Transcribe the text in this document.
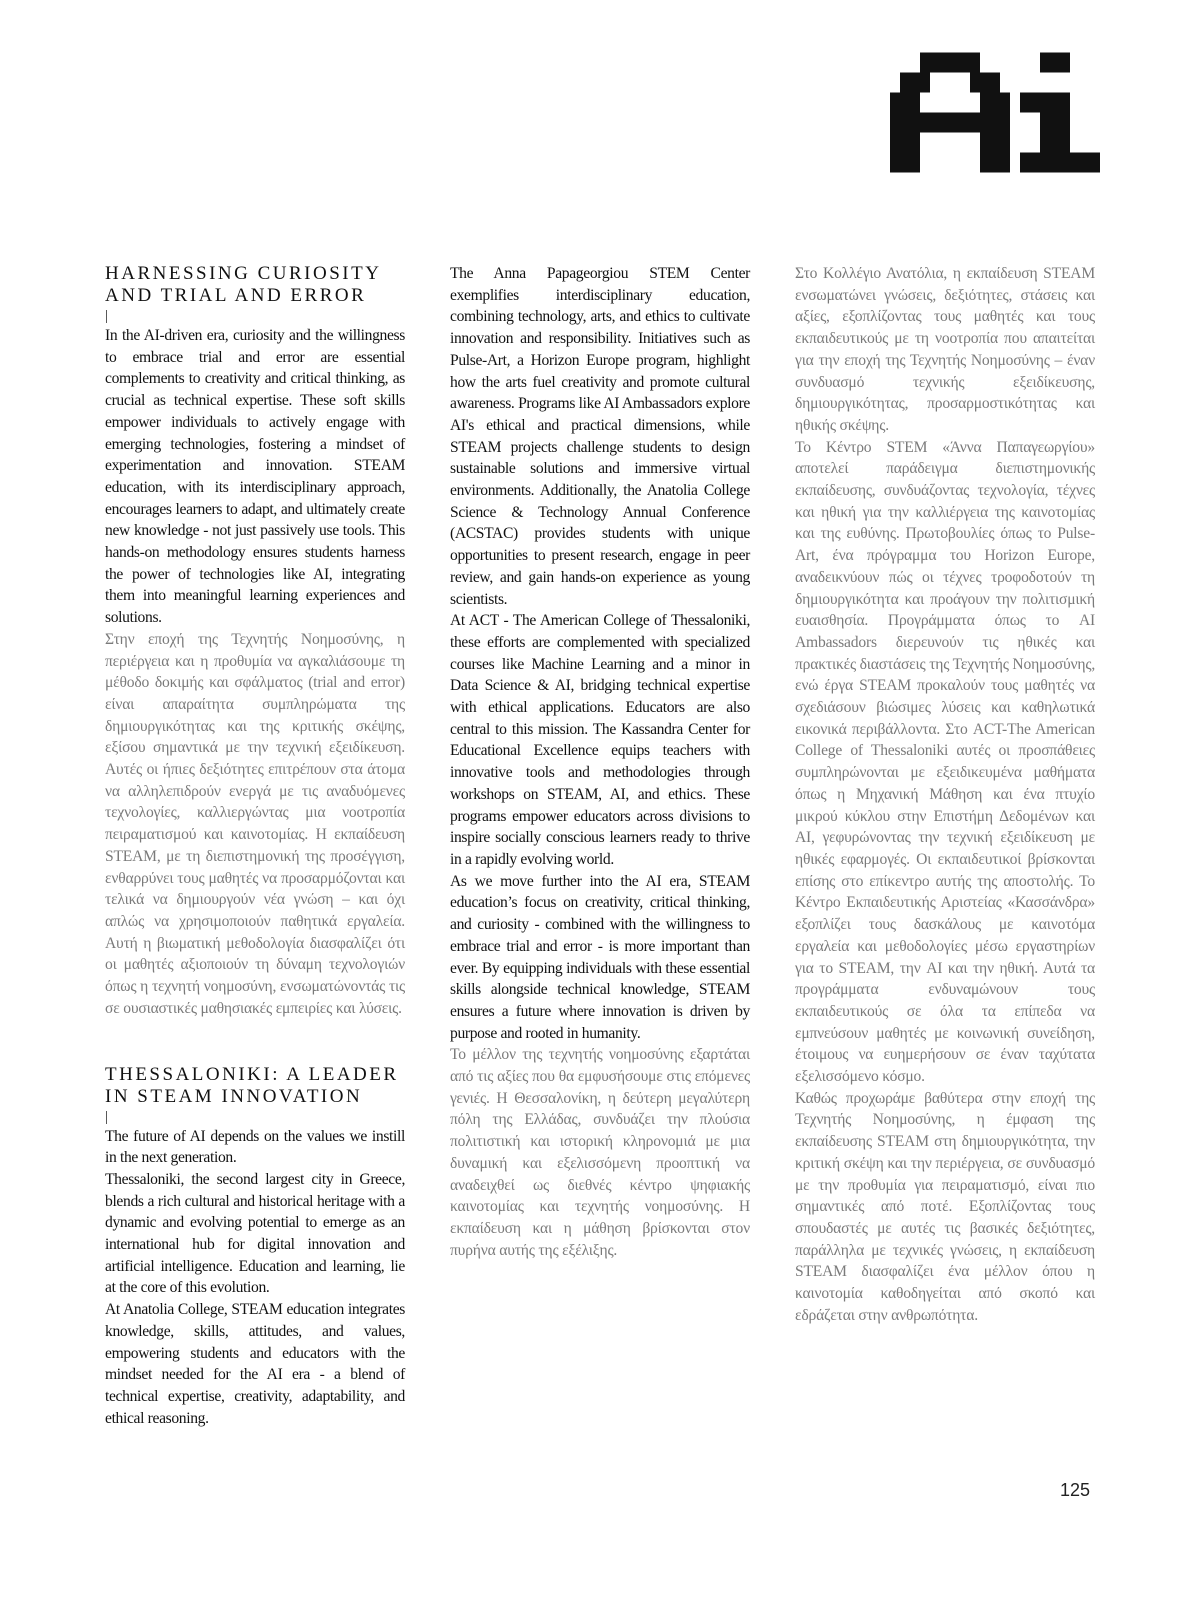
HARNESSING CURIOSITY
AND TRIAL AND ERROR
|

In the AI-driven era, curiosity and the willingness to embrace trial and error are essential complements to creativity and critical thinking, as crucial as technical expertise. These soft skills empower individuals to actively engage with emerging technologies, fostering a mindset of experimentation and innovation. STEAM education, with its interdisciplinary approach, encourages learners to adapt, and ultimately create new knowledge - not just passively use tools. This hands-on methodology ensures students harness the power of technologies like AI, integrating them into meaningful learning experiences and solutions.

Στην εποχή της Τεχνητής Νοημοσύνης, η περιέργεια και η προθυμία να αγκαλιάσουμε τη μέθοδο δοκιμής και σφάλματος (trial and error) είναι απαραίτητα συμπληρώματα της δημιουργικότητας και της κριτικής σκέψης, εξίσου σημαντικά με την τεχνική εξειδίκευση. Αυτές οι ήπιες δεξιότητες επιτρέπουν στα άτομα να αλληλεπιδρούν ενεργά με τις αναδυόμενες τεχνολογίες, καλλιεργώντας μια νοοτροπία πειραματισμού και καινοτομίας. Η εκπαίδευση STEAM, με τη διεπιστημονική της προσέγγιση, ενθαρρύνει τους μαθητές να προσαρμόζονται και τελικά να δημιουργούν νέα γνώση – και όχι απλώς να χρησιμοποιούν παθητικά εργαλεία. Αυτή η βιωματική μεθοδολογία διασφαλίζει ότι οι μαθητές αξιοποιούν τη δύναμη τεχνολογιών όπως η τεχνητή νοημοσύνη, ενσωματώνοντάς τις σε ουσιαστικές μαθησιακές εμπειρίες και λύσεις.

THESSALONIKI: A LEADER
IN STEAM INNOVATION
|

The future of AI depends on the values we instill in the next generation.

Thessaloniki, the second largest city in Greece, blends a rich cultural and historical heritage with a dynamic and evolving potential to emerge as an international hub for digital innovation and artificial intelligence. Education and learning, lie at the core of this evolution.

At Anatolia College, STEAM education integrates knowledge, skills, attitudes, and values, empowering students and educators with the mindset needed for the AI era - a blend of technical expertise, creativity, adaptability, and ethical reasoning.

The Anna Papageorgiou STEM Center exemplifies interdisciplinary education, combining technology, arts, and ethics to cultivate innovation and responsibility. Initiatives such as Pulse-Art, a Horizon Europe program, highlight how the arts fuel creativity and promote cultural awareness. Programs like AI Ambassadors explore AI's ethical and practical dimensions, while STEAM projects challenge students to design sustainable solutions and immersive virtual environments. Additionally, the Anatolia College Science & Technology Annual Conference (ACSTAC) provides students with unique opportunities to present research, engage in peer review, and gain hands-on experience as young scientists.

At ACT - The American College of Thessaloniki, these efforts are complemented with specialized courses like Machine Learning and a minor in Data Science & AI, bridging technical expertise with ethical applications. Educators are also central to this mission. The Kassandra Center for Educational Excellence equips teachers with innovative tools and methodologies through workshops on STEAM, AI, and ethics. These programs empower educators across divisions to inspire socially conscious learners ready to thrive in a rapidly evolving world.

As we move further into the AI era, STEAM education’s focus on creativity, critical thinking, and curiosity - combined with the willingness to embrace trial and error - is more important than ever. By equipping individuals with these essential skills alongside technical knowledge, STEAM ensures a future where innovation is driven by purpose and rooted in humanity.

Το μέλλον της τεχνητής νοημοσύνης εξαρτάται από τις αξίες που θα εμφυσήσουμε στις επόμενες γενιές. Η Θεσσαλονίκη, η δεύτερη μεγαλύτερη πόλη της Ελλάδας, συνδυάζει την πλούσια πολιτιστική και ιστορική κληρονομιά με μια δυναμική και εξελισσόμενη προοπτική να αναδειχθεί ως διεθνές κέντρο ψηφιακής καινοτομίας και τεχνητής νοημοσύνης. Η εκπαίδευση και η μάθηση βρίσκονται στον πυρήνα αυτής της εξέλιξης.

Στο Κολλέγιο Ανατόλια, η εκπαίδευση STEAM ενσωματώνει γνώσεις, δεξιότητες, στάσεις και αξίες, εξοπλίζοντας τους μαθητές και τους εκπαιδευτικούς με τη νοοτροπία που απαιτείται για την εποχή της Τεχνητής Νοημοσύνης – έναν συνδυασμό τεχνικής εξειδίκευσης, δημιουργικότητας, προσαρμοστικότητας και ηθικής σκέψης.

Το Κέντρο STEM «Άννα Παπαγεωργίου» αποτελεί παράδειγμα διεπιστημονικής εκπαίδευσης, συνδυάζοντας τεχνολογία, τέχνες και ηθική για την καλλιέργεια της καινοτομίας και της ευθύνης. Πρωτοβουλίες όπως το Pulse-Art, ένα πρόγραμμα του Horizon Europe, αναδεικνύουν πώς οι τέχνες τροφοδοτούν τη δημιουργικότητα και προάγουν την πολιτισμική ευαισθησία. Προγράμματα όπως το AI Ambassadors διερευνούν τις ηθικές και πρακτικές διαστάσεις της Τεχνητής Νοημοσύνης, ενώ έργα STEAM προκαλούν τους μαθητές να σχεδιάσουν βιώσιμες λύσεις και καθηλωτικά εικονικά περιβάλλοντα. Στο ACT-The American College of Thessaloniki αυτές οι προσπάθειες συμπληρώνονται με εξειδικευμένα μαθήματα όπως η Μηχανική Μάθηση και ένα πτυχίο μικρού κύκλου στην Επιστήμη Δεδομένων και AI, γεφυρώνοντας την τεχνική εξειδίκευση με ηθικές εφαρμογές. Οι εκπαιδευτικοί βρίσκονται επίσης στο επίκεντρο αυτής της αποστολής. Το Κέντρο Εκπαιδευτικής Αριστείας «Κασσάνδρα» εξοπλίζει τους δασκάλους με καινοτόμα εργαλεία και μεθοδολογίες μέσω εργαστηρίων για το STEAM, την AI και την ηθική. Αυτά τα προγράμματα ενδυναμώνουν τους εκπαιδευτικούς σε όλα τα επίπεδα να εμπνεύσουν μαθητές με κοινωνική συνείδηση, έτοιμους να ευημερήσουν σε έναν ταχύτατα εξελισσόμενο κόσμο.

Καθώς προχωράμε βαθύτερα στην εποχή της Τεχνητής Νοημοσύνης, η έμφαση της εκπαίδευσης STEAM στη δημιουργικότητα, την κριτική σκέψη και την περιέργεια, σε συνδυασμό με την προθυμία για πειραματισμό, είναι πιο σημαντικές από ποτέ. Εξοπλίζοντας τους σπουδαστές με αυτές τις βασικές δεξιότητες, παράλληλα με τεχνικές γνώσεις, η εκπαίδευση STEAM διασφαλίζει ένα μέλλον όπου η καινοτομία καθοδηγείται από σκοπό και εδράζεται στην ανθρωπότητα.

125
